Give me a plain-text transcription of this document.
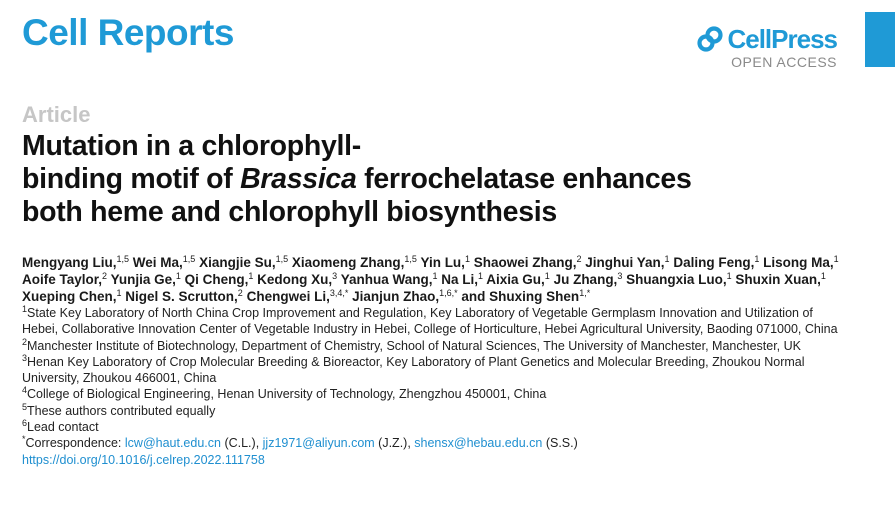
Cell Reports	CellPress
OPEN ACCESS
Article
Mutation in a chlorophyll-
binding motif of Brassica ferrochelatase enhances
both heme and chlorophyll biosynthesis
Mengyang Liu,$^{1,5}$ Wei Ma,$^{1,5}$ Xiangjie Su,$^{1,5}$ Xiaomeng Zhang,$^{1,5}$ Yin Lu,$^1$ Shaowei Zhang,$^2$ Jinghui Yan,$^1$ Daling Feng,$^1$ Lisong Ma,$^1$ Aoife Taylor,$^2$ Yunjia Ge,$^1$ Qi Cheng,$^1$ Kedong Xu,$^3$ Yanhua Wang,$^1$ Na Li,$^1$ Aixia Gu,$^1$ Ju Zhang,$^3$ Shuangxia Luo,$^1$ Shuxin Xuan,$^1$ Xueping Chen,$^1$ Nigel S. Scrutton,$^2$ Chengwei Li,$^{3,4,*}$ Jianjun Zhao,$^{1,6,*}$ and Shuxing Shen$^{1,*}$

$^1$State Key Laboratory of North China Crop Improvement and Regulation, Key Laboratory of Vegetable Germplasm Innovation and Utilization of Hebei, Collaborative Innovation Center of Vegetable Industry in Hebei, College of Horticulture, Hebei Agricultural University, Baoding 071000, China

$^2$Manchester Institute of Biotechnology, Department of Chemistry, School of Natural Sciences, The University of Manchester, Manchester, UK

$^3$Henan Key Laboratory of Crop Molecular Breeding & Bioreactor, Key Laboratory of Plant Genetics and Molecular Breeding, Zhoukou Normal University, Zhoukou 466001, China

$^4$College of Biological Engineering, Henan University of Technology, Zhengzhou 450001, China

$^5$These authors contributed equally

$^6$Lead contact

*Correspondence: lcw@haut.edu.cn (C.L.), jjz1971@aliyun.com (J.Z.), shensx@hebau.edu.cn (S.S.)

https://doi.org/10.1016/j.celrep.2022.111758
